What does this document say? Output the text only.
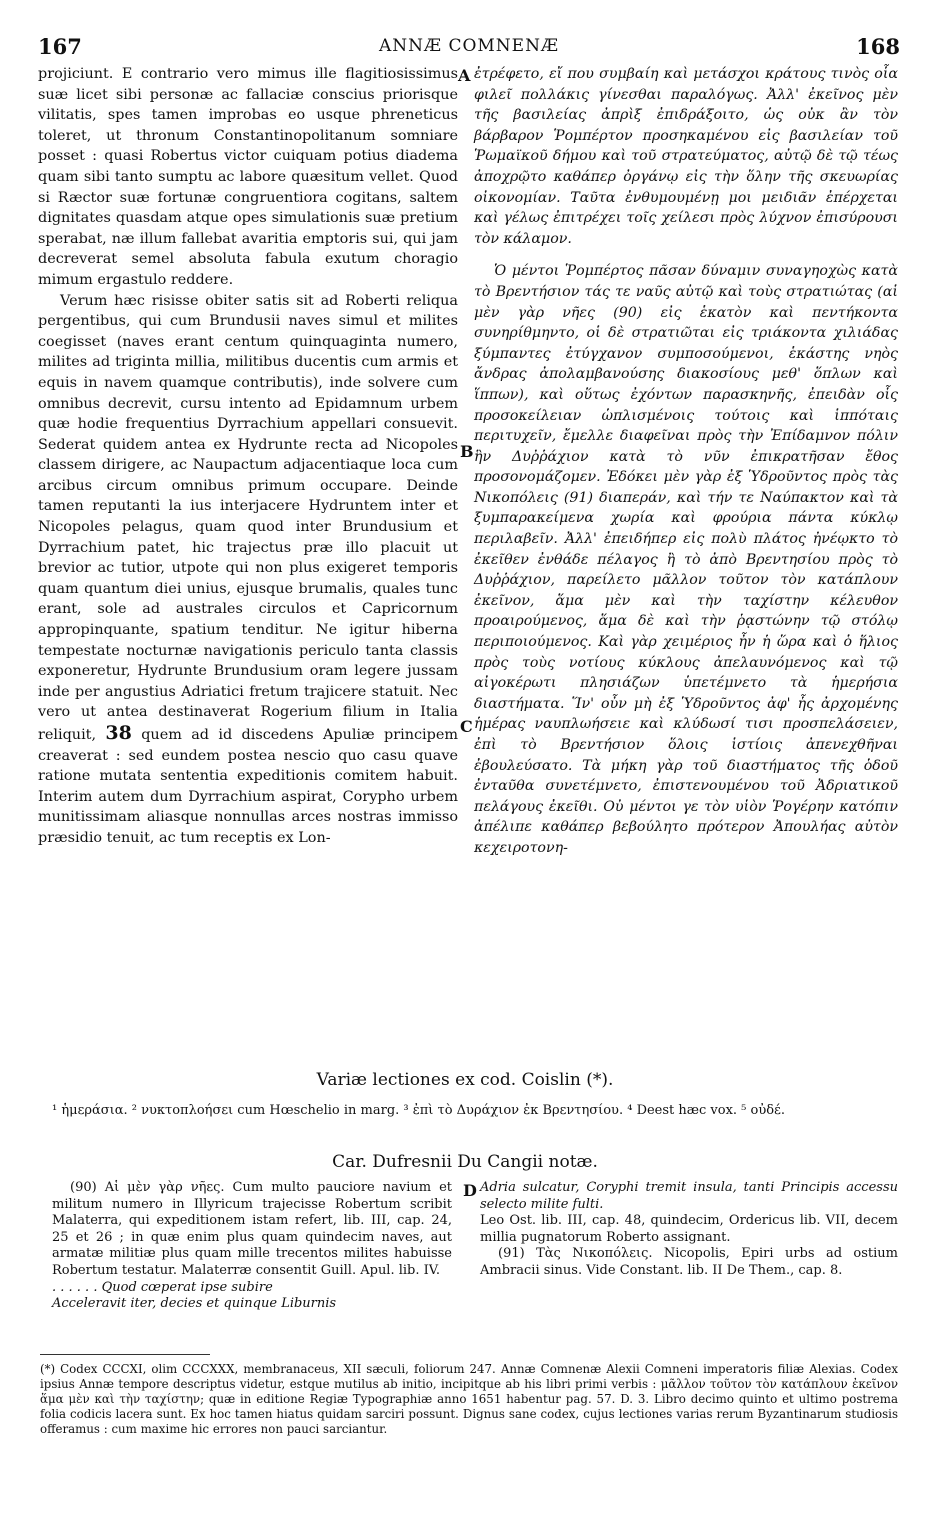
167	ANNÆ COMNENÆ	168

projiciunt. E contrario vero mimus ille flagitiosissimus suæ licet sibi personæ ac fallaciæ conscius priorisque vilitatis, spes tamen improbas eo usque phreneticus toleret, ut thronum Constantinopolitanum somniare posset : quasi Robertus victor cuiquam potius diadema quam sibi tanto sumptu ac labore quæsitum vellet. Quod si Ræctor suæ fortunæ congruentiora cogitans, saltem dignitates quasdam atque opes simulationis suæ pretium sperabat, næ illum fallebat avaritia emptoris sui, qui jam decreverat semel absoluta fabula exutum choragio mimum ergastulo reddere.

Verum hæc risisse obiter satis sit ad Roberti reliqua pergentibus, qui cum Brundusii naves simul et milites coegisset (naves erant centum quinquaginta numero, milites ad triginta millia, militibus ducentis cum armis et equis in navem quamque contributis), inde solvere cum omnibus decrevit, cursu intento ad Epidamnum urbem quæ hodie frequentius Dyrrachium appellari consuevit. Sederat quidem antea ex Hydrunte recta ad Nicopoles classem dirigere, ac Naupactum adjacentiaque loca cum arcibus circum omnibus primum occupare. Deinde tamen reputanti la ius interjacere Hydruntem inter et Nicopoles pelagus, quam quod inter Brundusium et Dyrrachium patet, hic trajectus præ illo placuit ut brevior ac tutior, utpote qui non plus exigeret temporis quam quantum diei unius, ejusque brumalis, quales tunc erant, sole ad australes circulos et Capricornum appropinquante, spatium tenditur. Ne igitur hiberna tempestate nocturnæ navigationis periculo tanta classis exponeretur, Hydrunte Brundusium oram legere jussam inde per angustius Adriatici fretum trajicere statuit. Nec vero ut antea destinaverat Rogerium filium in Italia reliquit, 38 quem ad id discedens Apuliæ principem creaverat : sed eundem postea nescio quo casu quave ratione mutata sententia expeditionis comitem habuit. Interim autem dum Dyrrachium aspirat, Corypho urbem munitissimam aliasque nonnullas arces nostras immisso præsidio tenuit, ac tum receptis ex Lon-

A
B
C

ἐτρέφετο, εἴ που συμβαίη καὶ μετάσχοι κράτους τινὸς οἷα φιλεῖ πολλάκις γίνεσθαι παραλόγως. Ἀλλ' ἐκεῖνος μὲν τῆς βασιλείας ἀπρὶξ ἐπιδράξοιτο, ὡς οὐκ ἂν τὸν βάρβαρον Ῥομπέρτον προσηκαμένου εἰς βασιλείαν τοῦ Ῥωμαϊκοῦ δήμου καὶ τοῦ στρατεύματος, αὐτῷ δὲ τῷ τέως ἀποχρῷτο καθάπερ ὀργάνῳ εἰς τὴν ὅλην τῆς σκευωρίας οἰκονομίαν. Ταῦτα ἐνθυμουμένῃ μοι μειδιᾶν ἐπέρχεται καὶ γέλως ἐπιτρέχει τοῖς χείλεσι πρὸς λύχνον ἐπισύρουσι τὸν κάλαμον.

Ὁ μέντοι Ῥομπέρτος πᾶσαν δύναμιν συναγηοχὼς κατὰ τὸ Βρεντήσιον τάς τε ναῦς αὐτῷ καὶ τοὺς στρατιώτας (αἱ μὲν γὰρ νῆες (90) εἰς ἑκατὸν καὶ πεντήκοντα συνηρίθμηντο, οἱ δὲ στρατιῶται εἰς τριάκοντα χιλιάδας ξύμπαντες ἐτύγχανον συμποσούμενοι, ἑκάστης νηὸς ἄνδρας ἀπολαμβανούσης διακοσίους μεθ' ὅπλων καὶ ἵππων), καὶ οὕτως ἐχόντων παρασκηνῆς, ἐπειδὰν οἷς προσοκείλειαν ὡπλισμένοις τούτοις καὶ ἱππόταις περιτυχεῖν, ἔμελλε διαφεῖναι πρὸς τὴν Ἐπίδαμνον πόλιν ἣν Δυῤῥάχιον κατὰ τὸ νῦν ἐπικρατῆσαν ἔθος προσονομάζομεν. Ἐδόκει μὲν γὰρ ἐξ Ὑδροῦντος πρὸς τὰς Νικοπόλεις (91) διαπεράν, καὶ τήν τε Ναύπακτον καὶ τὰ ξυμπαρακείμενα χωρία καὶ φρούρια πάντα κύκλῳ περιλαβεῖν. Ἀλλ' ἐπειδήπερ εἰς πολὺ πλάτος ἠνέῳκτο τὸ ἐκεῖθεν ἐνθάδε πέλαγος ἢ τὸ ἀπὸ Βρεντησίου πρὸς τὸ Δυῤῥάχιον, παρείλετο μᾶλλον τοῦτον τὸν κατάπλουν ἐκεῖνον, ἅμα μὲν καὶ τὴν ταχίστην κέλευθον προαιρούμενος, ἅμα δὲ καὶ τὴν ῥᾳστώνην τῷ στόλῳ περιποιούμενος. Καὶ γὰρ χειμέριος ἦν ἡ ὥρα καὶ ὁ ἥλιος πρὸς τοὺς νοτίους κύκλους ἀπελαυνόμενος καὶ τῷ αἰγοκέρωτι πλησιάζων ὑπετέμνετο τὰ ἡμερήσια διαστήματα. Ἵν' οὖν μὴ ἐξ Ὑδροῦντος ἀφ' ἧς ἀρχομένης ἡμέρας ναυπλωήσειε καὶ κλύδωσί τισι προσπελάσειεν, ἐπὶ τὸ Βρεντήσιον ὅλοις ἱστίοις ἀπενεχθῆναι ἐβουλεύσατο. Τὰ μήκη γὰρ τοῦ διαστήματος τῆς ὁδοῦ ἐνταῦθα συνετέμνετο, ἐπιστενουμένου τοῦ Ἀδριατικοῦ πελάγους ἐκεῖθι. Οὐ μέντοι γε τὸν υἱὸν Ῥογέρην κατόπιν ἀπέλιπε καθάπερ βεβούλητο πρότερον Ἀπουλήας αὐτὸν κεχειροτονη-

Variæ lectiones ex cod. Coislin (*).
¹ ἡμεράσια. ² νυκτοπλοήσει cum Hœschelio in marg. ³ ἐπὶ τὸ Δυράχιον ἐκ Βρεντησίου. ⁴ Deest hæc vox. ⁵ οὐδέ.
Car. Dufresnii Du Cangii notæ.
D

(90) Αἱ μὲν γὰρ νῆες. Cum multo pauciore navium et militum numero in Illyricum trajecisse Robertum scribit Malaterra, qui expeditionem istam refert, lib. III, cap. 24, 25 et 26 ; in quæ enim plus quam quindecim naves, aut armatæ militiæ plus quam mille trecentos milites habuisse Robertum testatur. Malaterræ consentit Guill. Apul. lib. IV.

. . . . . . Quod cœperat ipse subire

Acceleravit iter, decies et quinque Liburnis

Adria sulcatur, Coryphi tremit insula, tanti Principis accessu selecto milite fulti.

Leo Ost. lib. III, cap. 48, quindecim, Ordericus lib. VII, decem millia pugnatorum Roberto assignant.

(91) Τὰς Νικοπόλεις. Nicopolis, Epiri urbs ad ostium Ambracii sinus. Vide Constant. lib. II De Them., cap. 8.

(*) Codex CCCXI, olim CCCXXX, membranaceus, XII sæculi, foliorum 247. Annæ Comnenæ Alexii Comneni imperatoris filiæ Alexias. Codex ipsius Annæ tempore descriptus videtur, estque mutilus ab initio, incipitque ab his libri primi verbis : μᾶλλον τοῦτον τὸν κατάπλουν ἐκεῖνον ἅμα μὲν καὶ τὴν ταχίστην; quæ in editione Regiæ Typographiæ anno 1651 habentur pag. 57. D. 3. Libro decimo quinto et ultimo postrema folia codicis lacera sunt. Ex hoc tamen hiatus quidam sarciri possunt. Dignus sane codex, cujus lectiones varias rerum Byzantinarum studiosis offeramus : cum maxime hic errores non pauci sarciantur.
